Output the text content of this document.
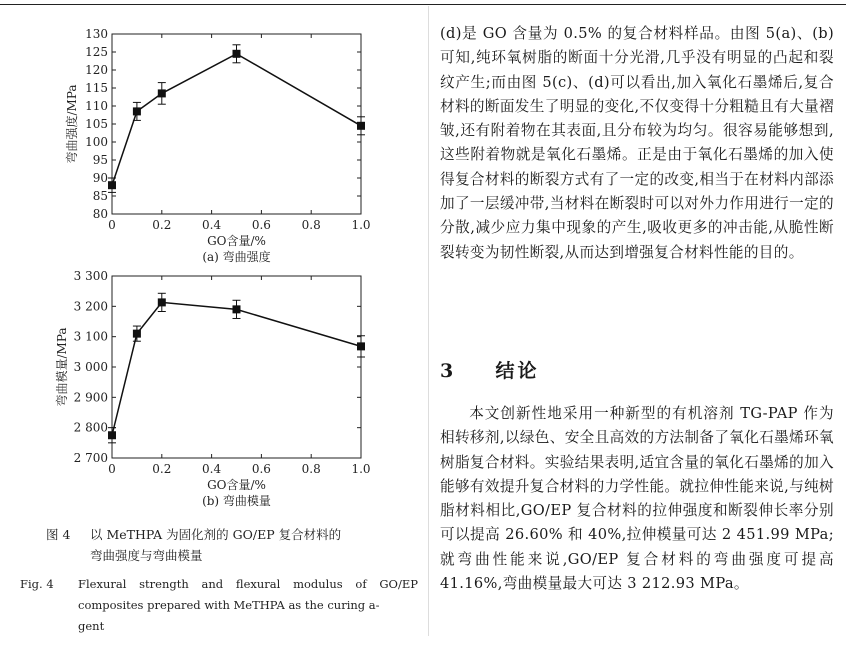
0	0.2	0.4	0.6	0.8	1.0
80
85
90
95
100
105
110
115
120
125
130
GO含量/%
弯曲强度/MPa
(a) 弯曲强度
0	0.2	0.4	0.6	0.8	1.0
2 700
2 800
2 900
3 000
3 100
3 200
3 300
GO含量/%
弯曲模量/MPa
(b) 弯曲模量
图 4 以 MeTHPA 为固化剂的 GO/EP 复合材料的
弯曲强度与弯曲模量
Fig. 4 Flexural strength and flexural modulus of GO/EP
composites prepared with MeTHPA as the curing a-
gent

(d)是 GO 含量为 0.5% 的复合材料样品。由图 5(a)、(b)可知,纯环氧树脂的断面十分光滑,几乎没有明显的凸起和裂纹产生;而由图 5(c)、(d)可以看出,加入氧化石墨烯后,复合材料的断面发生了明显的变化,不仅变得十分粗糙且有大量褶皱,还有附着物在其表面,且分布较为均匀。很容易能够想到,这些附着物就是氧化石墨烯。正是由于氧化石墨烯的加入使得复合材料的断裂方式有了一定的改变,相当于在材料内部添加了一层缓冲带,当材料在断裂时可以对外力作用进行一定的分散,减少应力集中现象的产生,吸收更多的冲击能,从脆性断裂转变为韧性断裂,从而达到增强复合材料性能的目的。

3 结论

本文创新性地采用一种新型的有机溶剂 TG-PAP 作为相转移剂,以绿色、安全且高效的方法制备了氧化石墨烯环氧树脂复合材料。实验结果表明,适宜含量的氧化石墨烯的加入能够有效提升复合材料的力学性能。就拉伸性能来说,与纯树脂材料相比,GO/EP 复合材料的拉伸强度和断裂伸长率分别可以提高 26.60% 和 40%,拉伸模量可达 2 451.99 MPa;就弯曲性能来说,GO/EP 复合材料的弯曲强度可提高 41.16%,弯曲模量最大可达 3 212.93 MPa。
